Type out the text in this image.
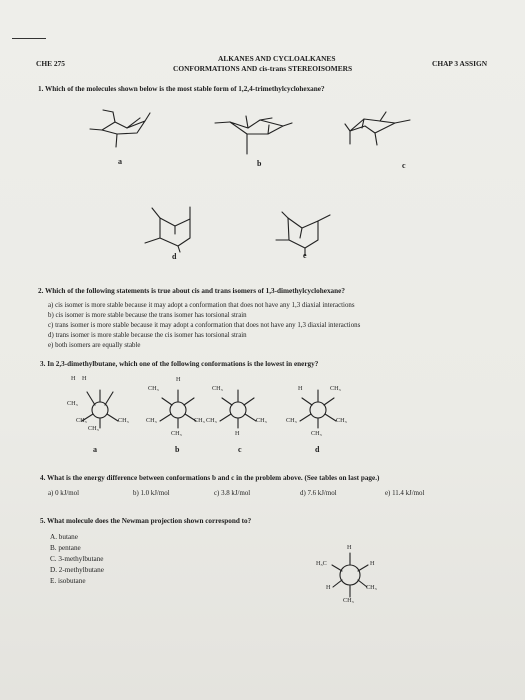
CHE 275
ALKANES AND CYCLOALKANES
CONFORMATIONS AND cis-trans STEREOISOMERS
CHAP 3 ASSIGN
1. Which of the molecules shown below is the most stable form of 1,2,4-trimethylcyclohexane?
a	b	c
d	e
2. Which of the following statements is true about cis and trans isomers of 1,3-dimethylcyclohexane?
a) cis isomer is more stable because it may adopt a conformation that does not have any 1,3 diaxial interactions
b) cis isomer is more stable because the trans isomer has torsional strain
c) trans isomer is more stable because it may adopt a conformation that does not have any 1,3 diaxial interactions
d) trans isomer is more stable because the cis isomer has torsional strain
e) both isomers are equally stable
3. In 2,3-dimethylbutane, which one of the following conformations is the lowest in energy?
H H
CH₃
CH₃
CH₃
CH₃
CH₃
H
CH₃	CH₃
CH₃
CH₃
CH₃	CH₃
H
H	CH₃
CH₃	CH₃
CH₃
a	b	c	d
4. What is the energy difference between conformations b and c in the problem above. (See tables on last page.)
a) 0 kJ/mol	b) 1.0 kJ/mol	c) 3.8 kJ/mol	d) 7.6 kJ/mol	e) 11.4 kJ/mol
5. What molecule does the Newman projection shown correspond to?
A. butane
B. pentane
C. 3-methylbutane
D. 2-methylbutane
E. isobutane
H
H₃C	H
H	CH₃
CH₃
